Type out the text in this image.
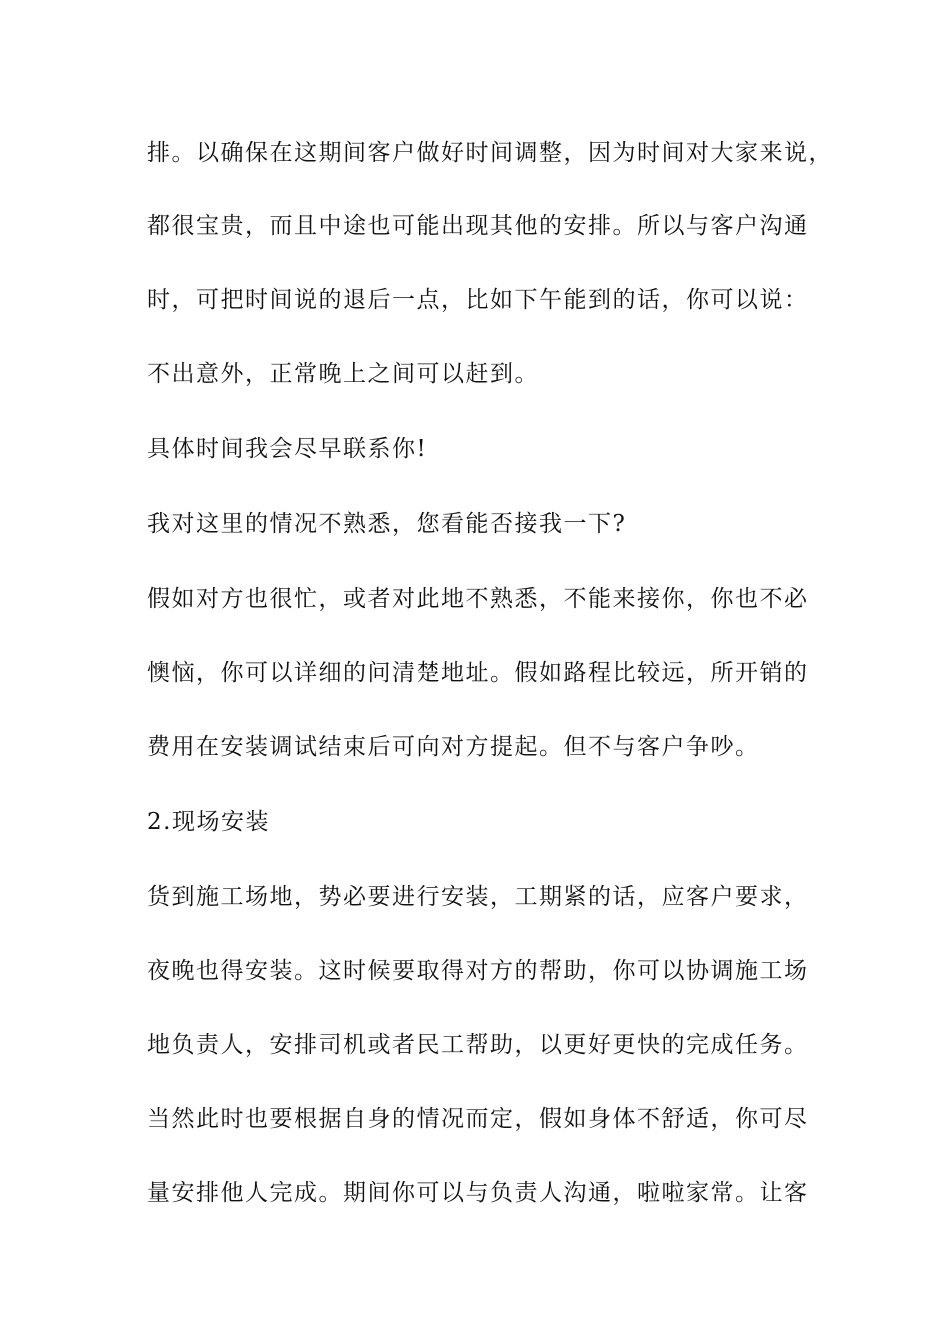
排。以确保在这期间客户做好时间调整，因为时间对大家来说，
都很宝贵，而且中途也可能出现其他的安排。所以与客户沟通
时，可把时间说的退后一点，比如下午能到的话，你可以说：
不出意外，正常晚上之间可以赶到。
具体时间我会尽早联系你!
我对这里的情况不熟悉，您看能否接我一下?
假如对方也很忙，或者对此地不熟悉，不能来接你，你也不必
懊恼，你可以详细的问清楚地址。假如路程比较远，所开销的
费用在安装调试结束后可向对方提起。但不与客户争吵。
2.现场安装
货到施工场地，势必要进行安装，工期紧的话，应客户要求，
夜晚也得安装。这时候要取得对方的帮助，你可以协调施工场
地负责人，安排司机或者民工帮助，以更好更快的完成任务。
当然此时也要根据自身的情况而定，假如身体不舒适，你可尽
量安排他人完成。期间你可以与负责人沟通，啦啦家常。让客
